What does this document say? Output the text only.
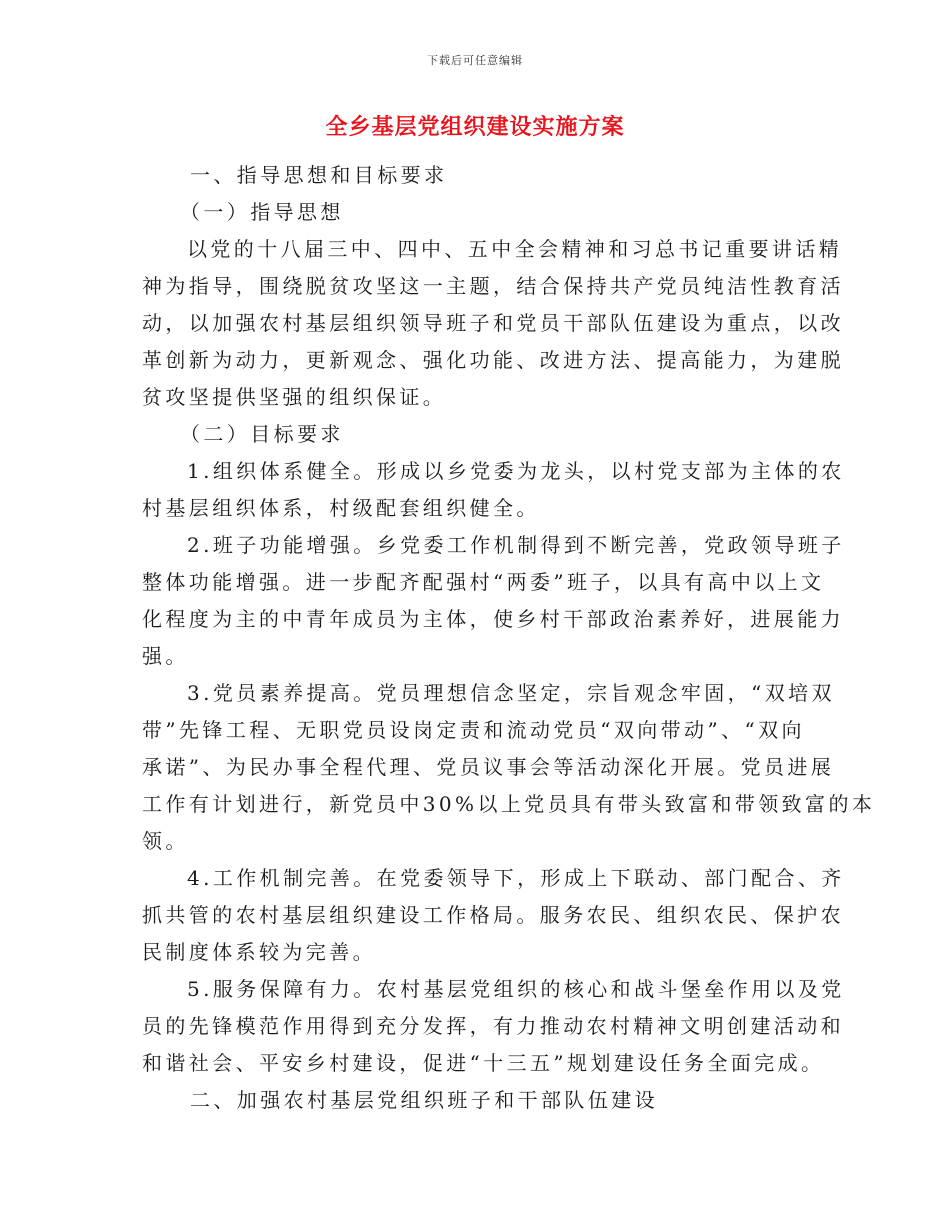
下载后可任意编辑
全乡基层党组织建设实施方案
一、指导思想和目标要求
（一）指导思想
以党的十八届三中、四中、五中全会精神和习总书记重要讲话精
神为指导，围绕脱贫攻坚这一主题，结合保持共产党员纯洁性教育活
动，以加强农村基层组织领导班子和党员干部队伍建设为重点，以改
革创新为动力，更新观念、强化功能、改进方法、提高能力，为建脱
贫攻坚提供坚强的组织保证。
（二）目标要求
1.组织体系健全。形成以乡党委为龙头，以村党支部为主体的农
村基层组织体系，村级配套组织健全。
2.班子功能增强。乡党委工作机制得到不断完善，党政领导班子
整体功能增强。进一步配齐配强村“两委”班子，以具有高中以上文
化程度为主的中青年成员为主体，使乡村干部政治素养好，进展能力
强。
3.党员素养提高。党员理想信念坚定，宗旨观念牢固，“双培双
带”先锋工程、无职党员设岗定责和流动党员“双向带动”、“双向
承诺”、为民办事全程代理、党员议事会等活动深化开展。党员进展
工作有计划进行，新党员中30%以上党员具有带头致富和带领致富的本
领。
4.工作机制完善。在党委领导下，形成上下联动、部门配合、齐
抓共管的农村基层组织建设工作格局。服务农民、组织农民、保护农
民制度体系较为完善。
5.服务保障有力。农村基层党组织的核心和战斗堡垒作用以及党
员的先锋模范作用得到充分发挥，有力推动农村精神文明创建活动和
和谐社会、平安乡村建设，促进“十三五”规划建设任务全面完成。
二、加强农村基层党组织班子和干部队伍建设
